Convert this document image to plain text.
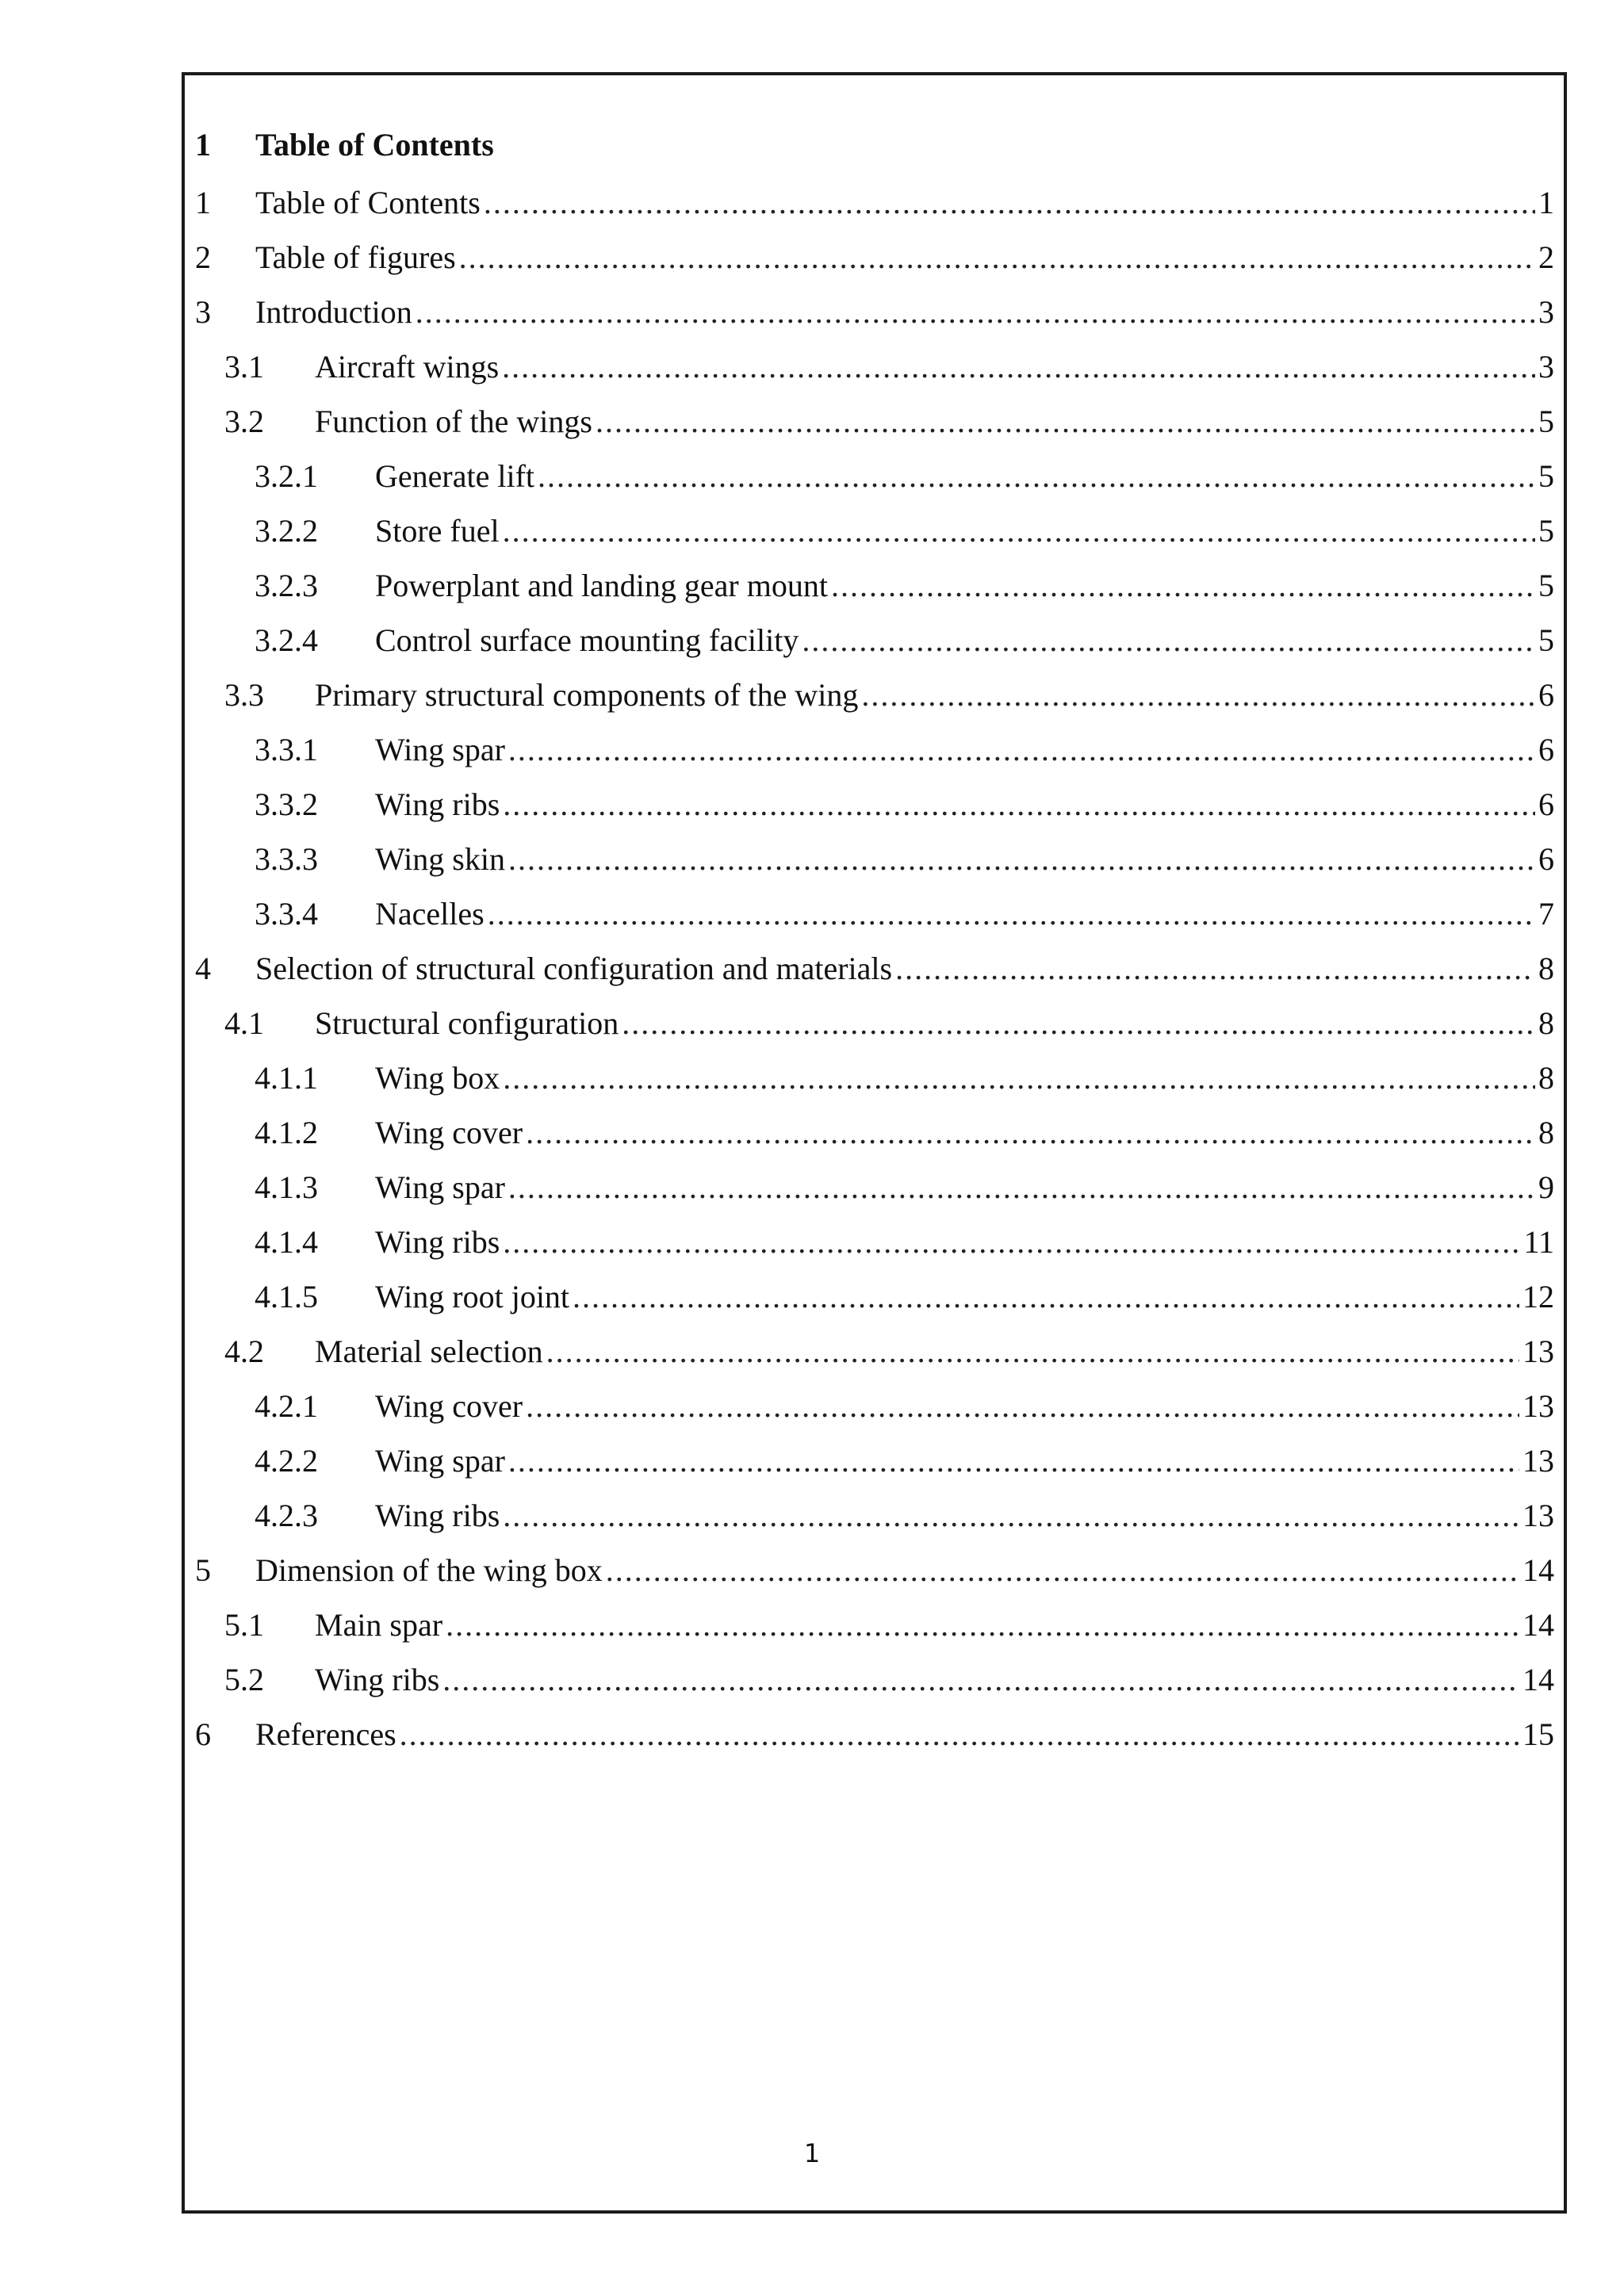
1 Table of Contents
1	Table of Contents .....	1
2	Table of figures .....	2
3	Introduction .....	3
3.1	Aircraft wings .....	3
3.2	Function of the wings .....	5
3.2.1	Generate lift .....	5
3.2.2	Store fuel .....	5
3.2.3	Powerplant and landing gear mount .....	5
3.2.4	Control surface mounting facility .....	5
3.3	Primary structural components of the wing .....	6
3.3.1	Wing spar .....	6
3.3.2	Wing ribs .....	6
3.3.3	Wing skin .....	6
3.3.4	Nacelles .....	7
4	Selection of structural configuration and materials .....	8
4.1	Structural configuration .....	8
4.1.1	Wing box .....	8
4.1.2	Wing cover .....	8
4.1.3	Wing spar .....	9
4.1.4	Wing ribs .....	11
4.1.5	Wing root joint .....	12
4.2	Material selection .....	13
4.2.1	Wing cover .....	13
4.2.2	Wing spar .....	13
4.2.3	Wing ribs .....	13
5	Dimension of the wing box .....	14
5.1	Main spar .....	14
5.2	Wing ribs .....	14
6	References .....	15
1
